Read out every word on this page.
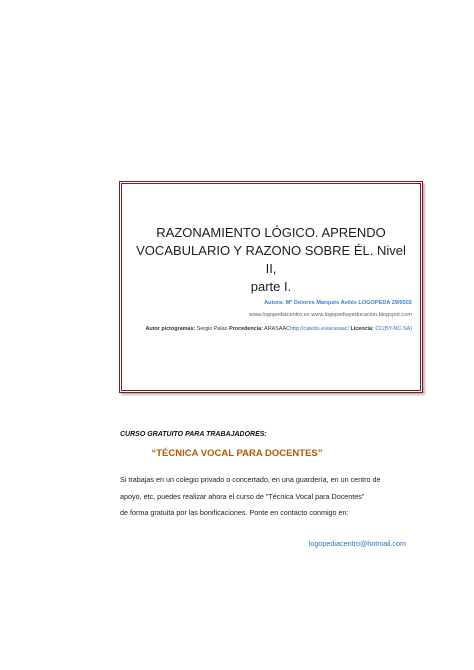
RAZONAMIENTO LÓGICO. APRENDO
VOCABULARIO Y RAZONO SOBRE ÉL. Nivel II,
parte I.
Autora: Mª Dolores Marqués Avilés LOGOPEDA 29/0502
www.logopediacentro.es www.logopediayeducacion.blogspot.com
Autor pictogramas: Sergio Palao Procedencia: ARASAAChttp://catedu.es/arasaac/ Licencia: CC(BY-NC-SA)
CURSO GRATUITO PARA TRABAJADORES:
“TÉCNICA VOCAL PARA DOCENTES”
Si trabajas en un colegio privado o concertado, en una guardería, en un centro de
apoyo, etc, puedes realizar ahora el curso de "Técnica Vocal para Docentes"
de forma gratuita por las bonificaciones. Ponte en contacto conmigo en:
logopediacentro@hotmail.com
